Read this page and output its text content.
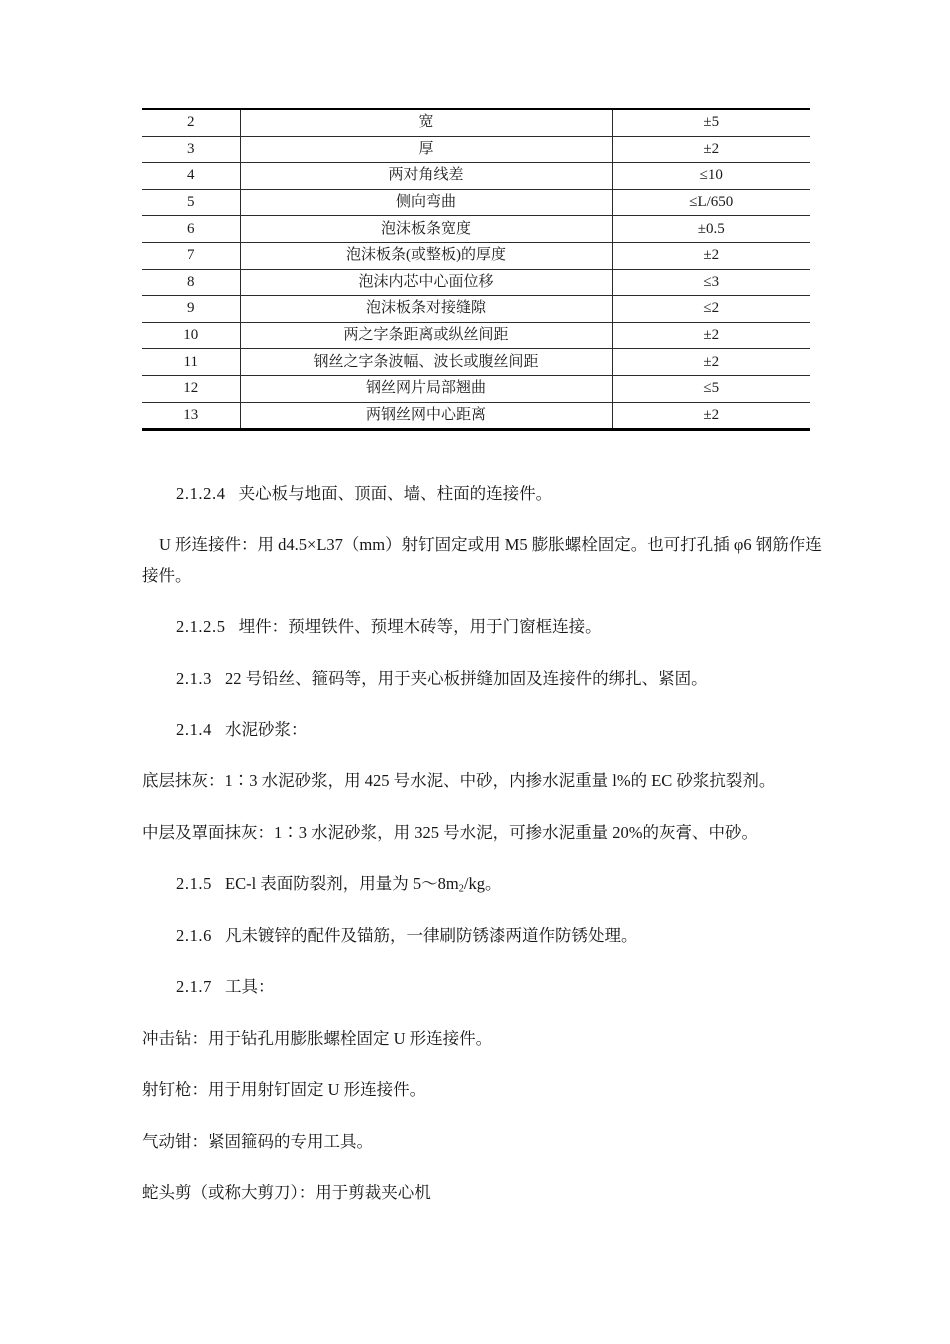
2	宽	±5
3	厚	±2
4	两对角线差	≤10
5	侧向弯曲	≤L/650
6	泡沫板条宽度	±0.5
7	泡沫板条(或整板)的厚度	±2
8	泡沫内芯中心面位移	≤3
9	泡沫板条对接缝隙	≤2
10	两之字条距离或纵丝间距	±2
11	钢丝之字条波幅、波长或腹丝间距	±2
12	钢丝网片局部翘曲	≤5
13	两钢丝网中心距离	±2

2.1.2.4 夹心板与地面、顶面、墙、柱面的连接件。

U 形连接件：用 d4.5×L37（mm）射钉固定或用 M5 膨胀螺栓固定。也可打孔插 φ6 钢筋作连

接件。

2.1.2.5 埋件：预埋铁件、预埋木砖等，用于门窗框连接。

2.1.3 22 号铅丝、箍码等，用于夹心板拼缝加固及连接件的绑扎、紧固。

2.1.4 水泥砂浆：

底层抹灰：1∶3 水泥砂浆，用 425 号水泥、中砂，内掺水泥重量 l%的 EC 砂浆抗裂剂。

中层及罩面抹灰：1∶3 水泥砂浆，用 325 号水泥，可掺水泥重量 20%的灰膏、中砂。

2.1.5 EC-l 表面防裂剂，用量为 $5\sim 8m_2/kg$。

2.1.6 凡未镀锌的配件及锚筋，一律刷防锈漆两道作防锈处理。

2.1.7 工具：

冲击钻：用于钻孔用膨胀螺栓固定 U 形连接件。

射钉枪：用于用射钉固定 U 形连接件。

气动钳：紧固箍码的专用工具。

蛇头剪（或称大剪刀）：用于剪裁夹心机
